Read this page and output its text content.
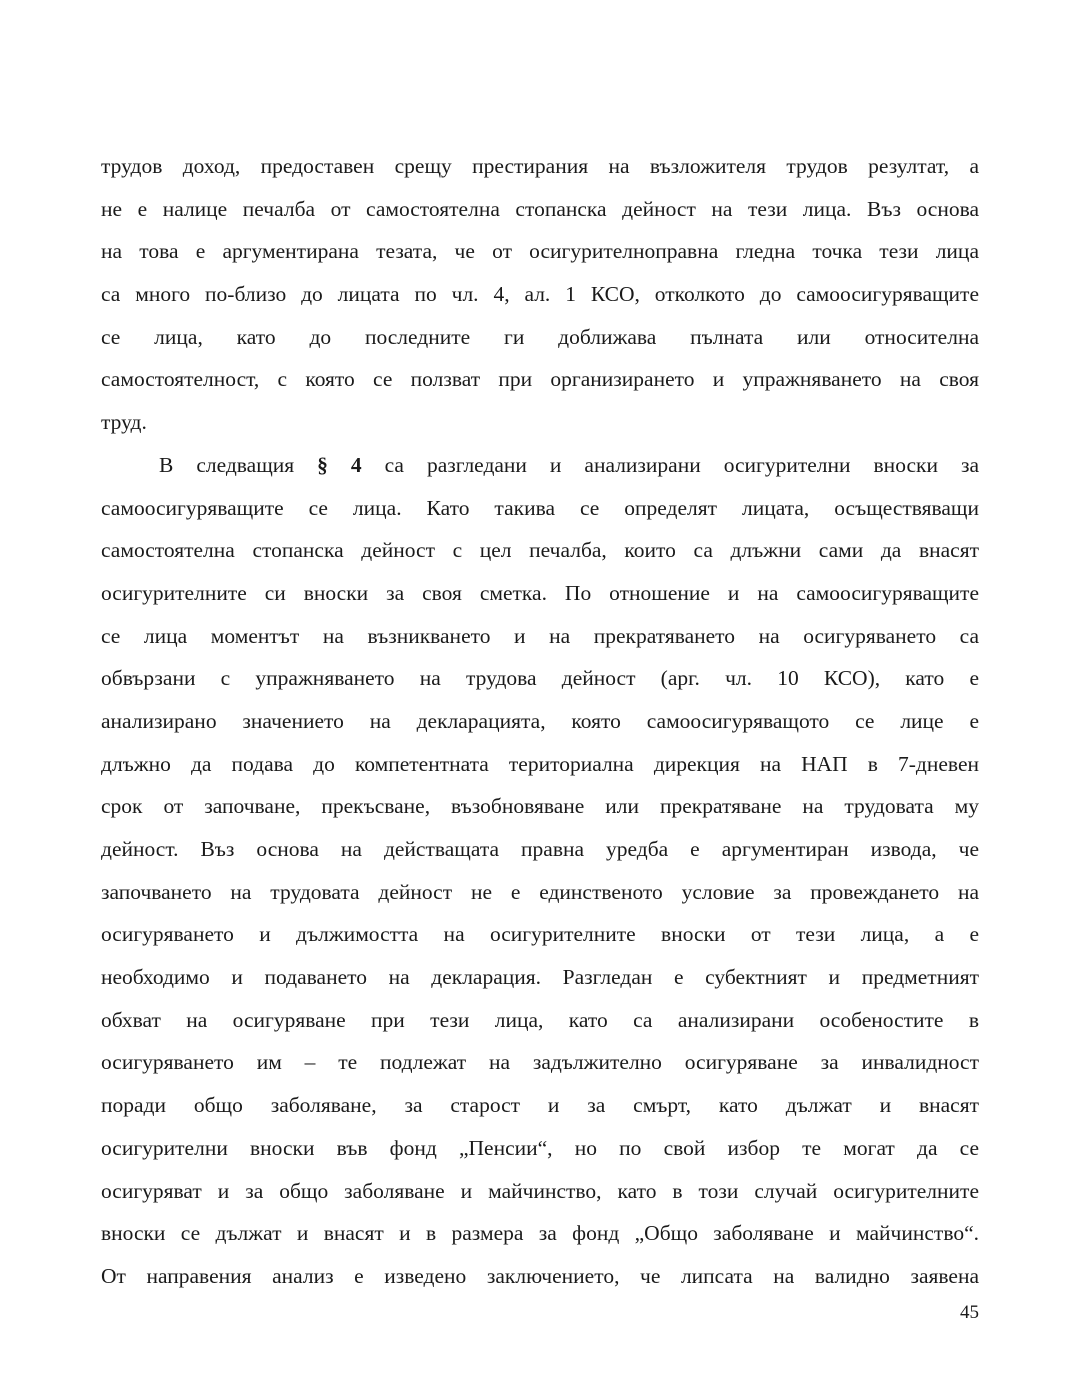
трудов доход, предоставен срещу престирания на възложителя трудов резултат, а
не е налице печалба от самостоятелна стопанска дейност на тези лица. Въз основа
на това е аргументирана тезата, че от осигурителноправна гледна точка тези лица
са много по-близо до лицата по чл. 4, ал. 1 КСО, отколкото до самоосигуряващите
се лица, като до последните ги доближава пълната или относителна
самостоятелност, с която се ползват при организирането и упражняването на своя
труд.
В следващия § 4 са разгледани и анализирани осигурителни вноски за
самоосигуряващите се лица. Като такива се определят лицата, осъществяващи
самостоятелна стопанска дейност с цел печалба, които са длъжни сами да внасят
осигурителните си вноски за своя сметка. По отношение и на самоосигуряващите
се лица моментът на възникването и на прекратяването на осигуряването са
обвързани с упражняването на трудова дейност (арг. чл. 10 КСО), като е
анализирано значението на декларацията, която самоосигуряващото се лице е
длъжно да подава до компетентната териториална дирекция на НАП в 7-дневен
срок от започване, прекъсване, възобновяване или прекратяване на трудовата му
дейност. Въз основа на действащата правна уредба е аргументиран извода, че
започването на трудовата дейност не е единственото условие за провеждането на
осигуряването и дължимостта на осигурителните вноски от тези лица, а е
необходимо и подаването на декларация. Разгледан е субектният и предметният
обхват на осигуряване при тези лица, като са анализирани особеностите в
осигуряването им – те подлежат на задължително осигуряване за инвалидност
поради общо заболяване, за старост и за смърт, като дължат и внасят
осигурителни вноски във фонд „Пенсии“, но по свой избор те могат да се
осигуряват и за общо заболяване и майчинство, като в този случай осигурителните
вноски се дължат и внасят и в размера за фонд „Общо заболяване и майчинство“.
От направения анализ е изведено заключението, че липсата на валидно заявена
45
